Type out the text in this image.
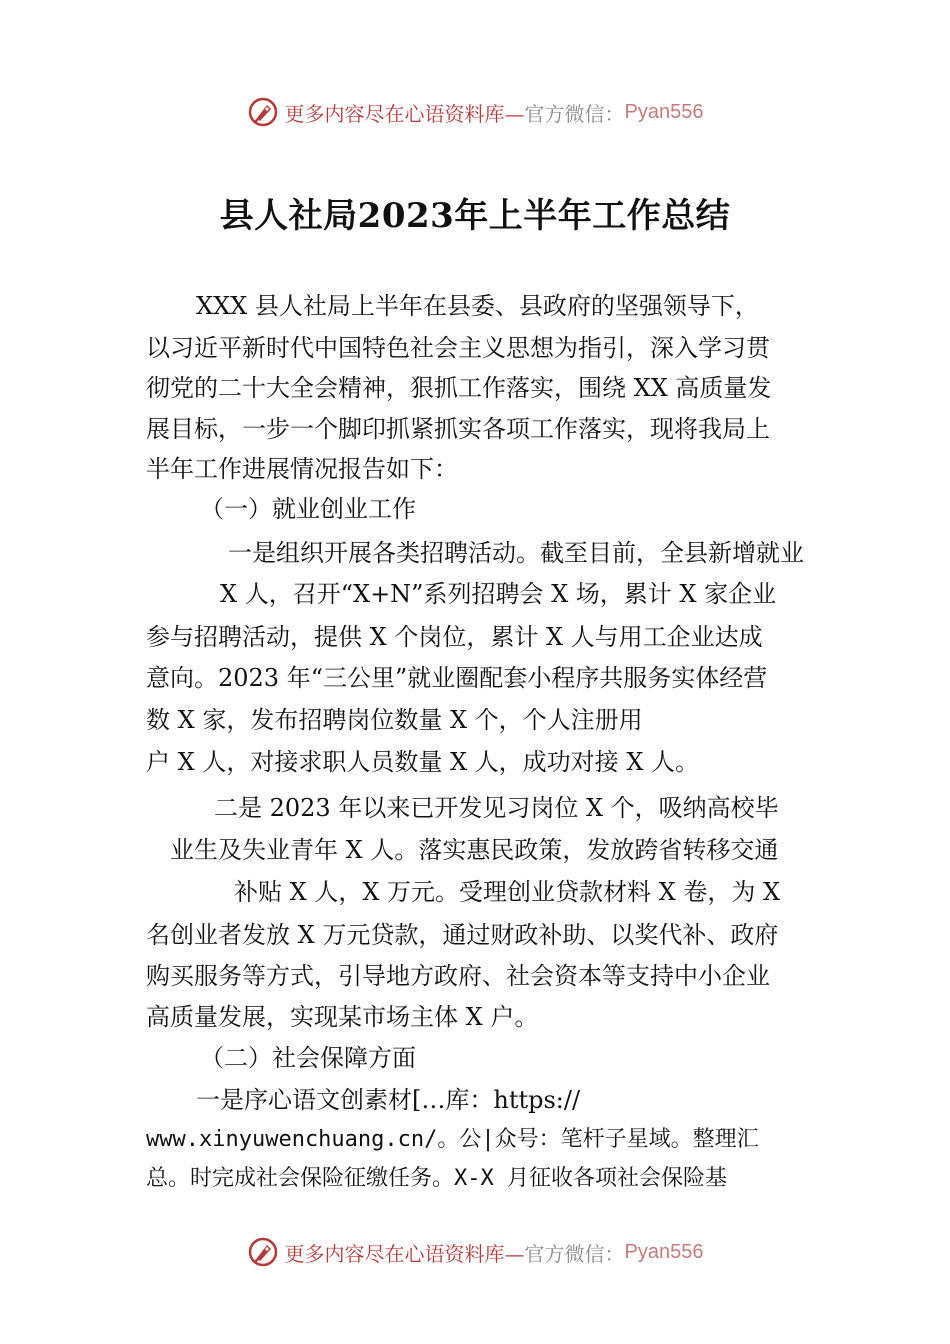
更多内容尽在心语资料库— 官方微信： Pyan556
县人社局2023年上半年工作总结
XXX 县人社局上半年在县委、县政府的坚强领导下，
以习近平新时代中国特色社会主义思想为指引，深入学习贯
彻党的二十大全会精神，狠抓工作落实，围绕 XX 高质量发
展目标，一步一个脚印抓紧抓实各项工作落实，现将我局上
半年工作进展情况报告如下：
（一）就业创业工作
一是组织开展各类招聘活动。截至目前，全县新增就业
X 人，召开“X+N”系列招聘会 X 场，累计 X 家企业
参与招聘活动，提供 X 个岗位，累计 X 人与用工企业达成
意向。2023 年“三公里”就业圈配套小程序共服务实体经营
数 X 家，发布招聘岗位数量 X 个，个人注册用
户 X 人，对接求职人员数量 X 人，成功对接 X 人。
二是 2023 年以来已开发见习岗位 X 个，吸纳高校毕
业生及失业青年 X 人。落实惠民政策，发放跨省转移交通
补贴 X 人，X 万元。受理创业贷款材料 X 卷，为 X
名创业者发放 X 万元贷款，通过财政补助、以奖代补、政府
购买服务等方式，引导地方政府、社会资本等支持中小企业
高质量发展，实现某市场主体 X 户。
（二）社会保障方面
一是序心语文创素材[…库：https://
www.xinyuwenchuang.cn/。公|众号：笔杆子星域。整理汇
总。时完成社会保险征缴任务。X-X 月征收各项社会保险基
更多内容尽在心语资料库— 官方微信： Pyan556
